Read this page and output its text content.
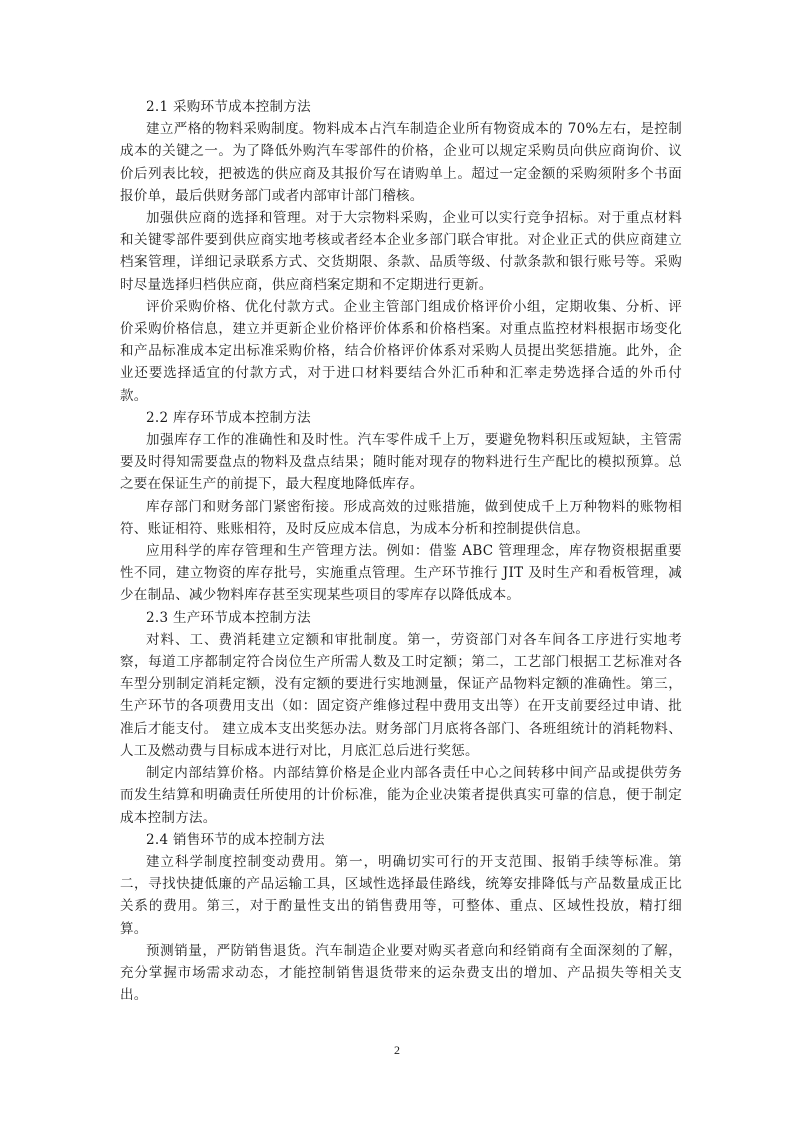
2.1 采购环节成本控制方法

建立严格的物料采购制度。物料成本占汽车制造企业所有物资成本的 70%左右，是控制成本的关键之一。为了降低外购汽车零部件的价格，企业可以规定采购员向供应商询价、议价后列表比较，把被选的供应商及其报价写在请购单上。超过一定金额的采购须附多个书面报价单，最后供财务部门或者内部审计部门稽核。

加强供应商的选择和管理。对于大宗物料采购，企业可以实行竞争招标。对于重点材料和关键零部件要到供应商实地考核或者经本企业多部门联合审批。对企业正式的供应商建立档案管理，详细记录联系方式、交货期限、条款、品质等级、付款条款和银行账号等。采购时尽量选择归档供应商，供应商档案定期和不定期进行更新。

评价采购价格、优化付款方式。企业主管部门组成价格评价小组，定期收集、分析、评价采购价格信息，建立并更新企业价格评价体系和价格档案。对重点监控材料根据市场变化和产品标准成本定出标准采购价格，结合价格评价体系对采购人员提出奖惩措施。此外，企业还要选择适宜的付款方式，对于进口材料要结合外汇币种和汇率走势选择合适的外币付款。

2.2 库存环节成本控制方法

加强库存工作的准确性和及时性。汽车零件成千上万，要避免物料积压或短缺，主管需要及时得知需要盘点的物料及盘点结果；随时能对现存的物料进行生产配比的模拟预算。总之要在保证生产的前提下，最大程度地降低库存。

库存部门和财务部门紧密衔接。形成高效的过账措施，做到使成千上万种物料的账物相符、账证相符、账账相符，及时反应成本信息，为成本分析和控制提供信息。

应用科学的库存管理和生产管理方法。例如：借鉴 ABC 管理理念，库存物资根据重要性不同，建立物资的库存批号，实施重点管理。生产环节推行 JIT 及时生产和看板管理，减少在制品、减少物料库存甚至实现某些项目的零库存以降低成本。

2.3 生产环节成本控制方法

对料、工、费消耗建立定额和审批制度。第一，劳资部门对各车间各工序进行实地考察，每道工序都制定符合岗位生产所需人数及工时定额；第二，工艺部门根据工艺标准对各车型分别制定消耗定额，没有定额的要进行实地测量，保证产品物料定额的准确性。第三，生产环节的各项费用支出（如：固定资产维修过程中费用支出等）在开支前要经过申请、批准后才能支付。 建立成本支出奖惩办法。财务部门月底将各部门、各班组统计的消耗物料、人工及燃动费与目标成本进行对比，月底汇总后进行奖惩。

制定内部结算价格。内部结算价格是企业内部各责任中心之间转移中间产品或提供劳务而发生结算和明确责任所使用的计价标准，能为企业决策者提供真实可靠的信息，便于制定成本控制方法。

2.4 销售环节的成本控制方法

建立科学制度控制变动费用。第一，明确切实可行的开支范围、报销手续等标准。第二，寻找快捷低廉的产品运输工具，区域性选择最佳路线，统筹安排降低与产品数量成正比关系的费用。第三，对于酌量性支出的销售费用等，可整体、重点、区域性投放，精打细算。

预测销量，严防销售退货。汽车制造企业要对购买者意向和经销商有全面深刻的了解，充分掌握市场需求动态，才能控制销售退货带来的运杂费支出的增加、产品损失等相关支出。

2
